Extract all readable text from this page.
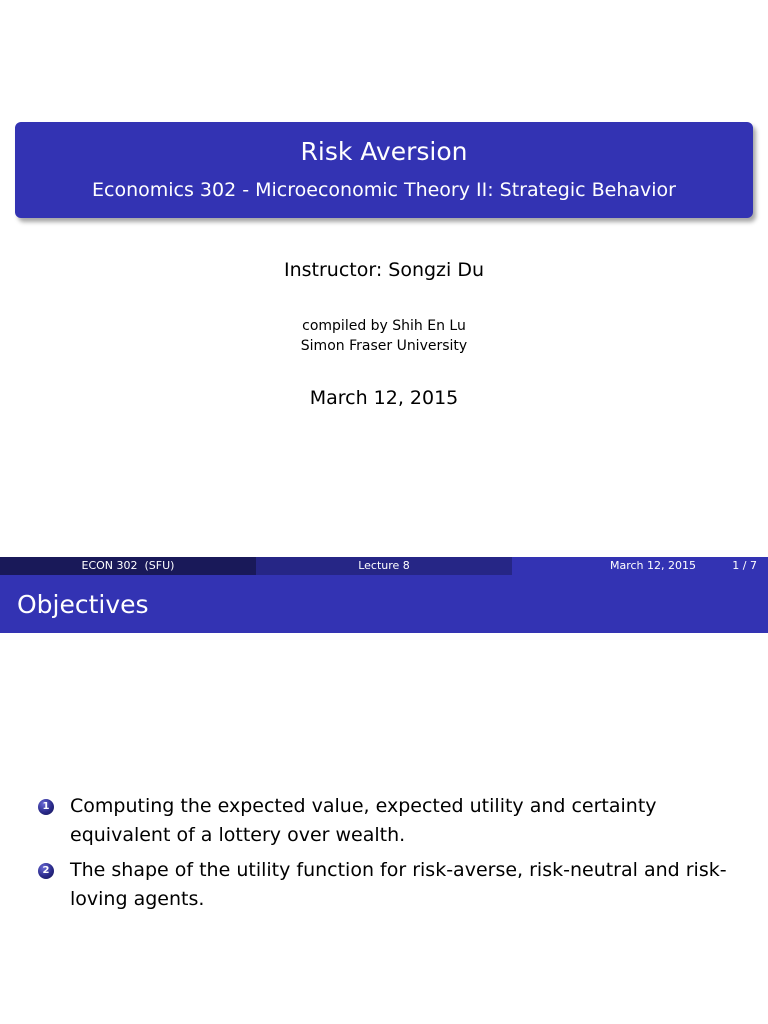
Risk Aversion
Economics 302 - Microeconomic Theory II: Strategic Behavior
Instructor: Songzi Du
compiled by Shih En Lu
Simon Fraser University
March 12, 2015
ECON 302  (SFU)	Lecture 8	March 12, 2015	1 / 7
Objectives
1 Computing the expected value, expected utility and certainty equivalent of a lottery over wealth.
2 The shape of the utility function for risk-averse, risk-neutral and risk-loving agents.
